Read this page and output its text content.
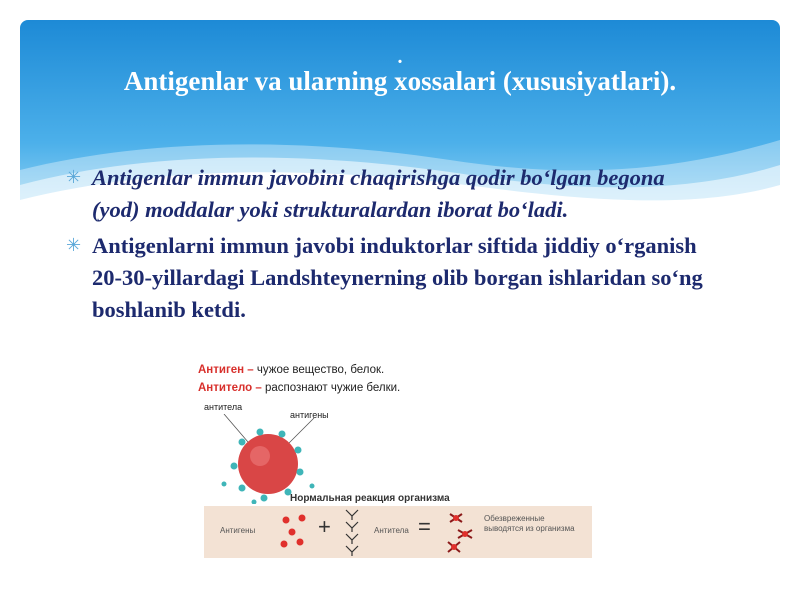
.
Antigenlar va ularning xossalari (xususiyatlari).
✳ Antigenlar immun javobini chaqirishga qodir bo‘lgan begona (yod) moddalar yoki strukturalardan iborat bo‘ladi.
✳ Antigenlarni immun javobi induktorlar siftida jiddiy o‘rganish 20-30-yillardagi Landshteynerning olib borgan ishlaridan so‘ng boshlanib ketdi.
Антиген – чужое вещество, белок.
Антитело – распознают чужие белки.
антитела
антигены
Нормальная реакция организма
Антигены	+	Антитела =	Обезвреженные выводятся из организма
